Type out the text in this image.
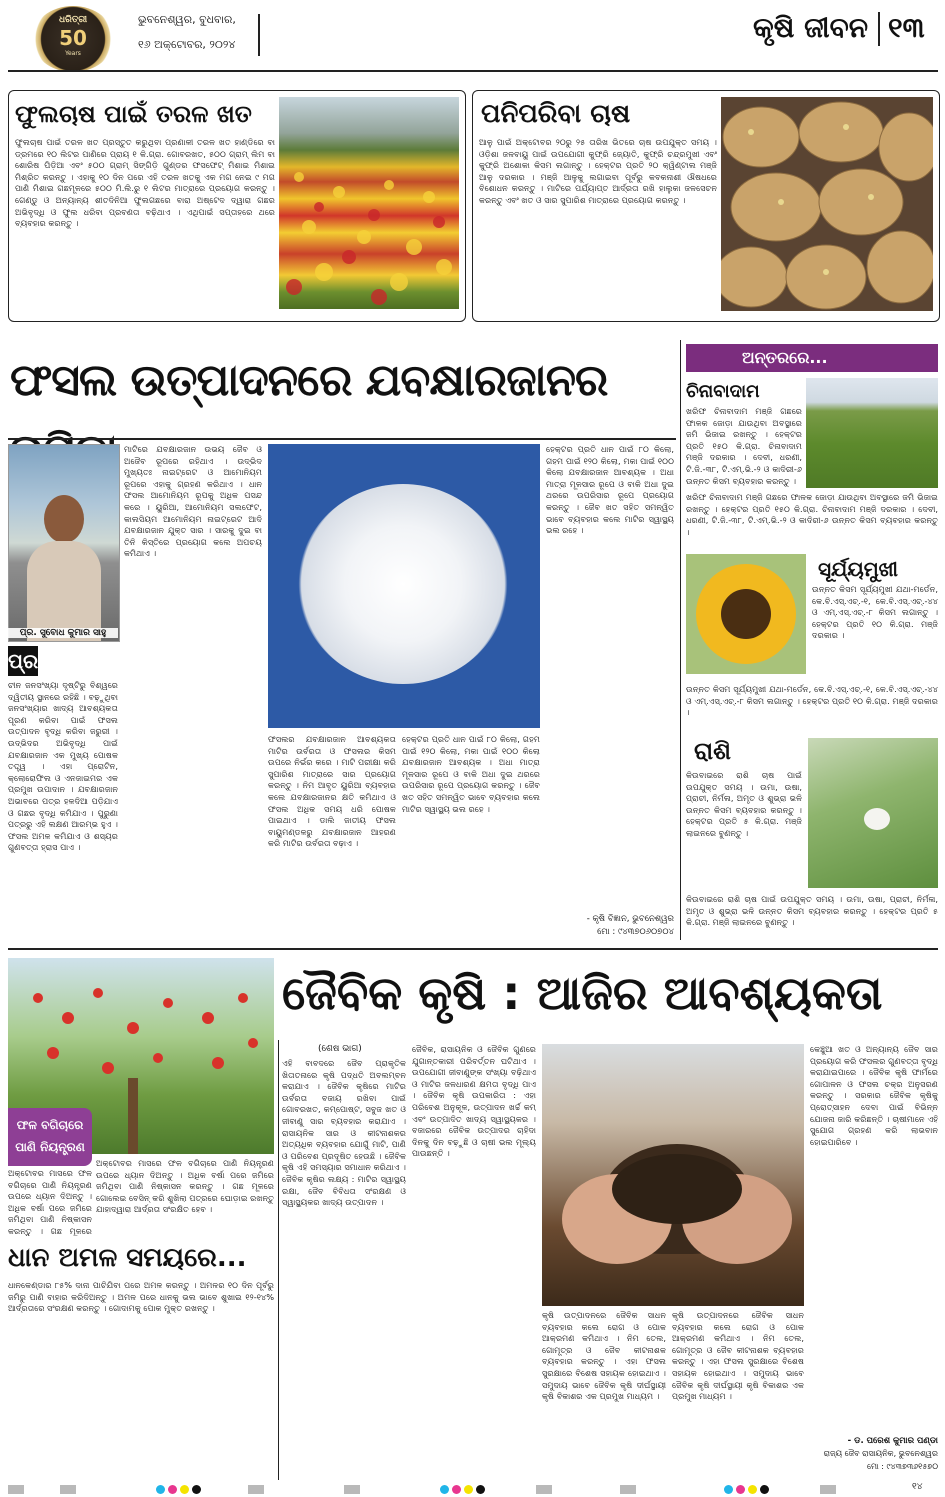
ଧରିତ୍ରୀ
50
Years
ଭୁବନେଶ୍ୱର, ବୁଧବାର,
୧୬ ଅକ୍ଟୋବର, ୨୦୨୪
କୃଷି ଜୀବନ ୧୩
ଫୁଲଚାଷ ପାଇଁ ତରଳ ଖତ
ଫୁଲଚାଷ ପାଇଁ ତରଳ ଖତ ପ୍ରସ୍ତୁତ କରୁଥିବା ପ୍ରଣାଳୀ ତରଳ ଖତ ହାଣ୍ଡିରେ ବା ଡ୍ରମରେ ୧୦ ଲିଟର ପାଣିରେ ପ୍ରାୟ ୧ କି.ଗ୍ରା. ଗୋବରଖତ, ୫୦୦ ଗ୍ରାମ୍ ଲିମ ବା ଶୋରିଷ ପିଡ଼ିଆ ଏବଂ ୫୦୦ ଗ୍ରାମ୍ ସିଙ୍ଗିଡ଼ି ଗୁଣ୍ଡର ଫସଫେଟ୍ ମିଶାଇ ମିଶାଇ ମିଶ୍ରିତ କରନ୍ତୁ । ଏହାକୁ ୧୦ ଦିନ ପରେ ଏହି ତରଳ ଖତକୁ ଏକ ମଗ ନେଇ ୯ ମଗ ପାଣି ମିଶାଇ ଗଛମୂଳରେ ୫୦୦ ମି.ଲି.ରୁ ୧ ଲିଟର ମାତ୍ରାରେ ପ୍ରୟୋଗ କରନ୍ତୁ । ଗେଣ୍ଡୁ ଓ ଅନ୍ୟାନ୍ୟ ଶୀତଦିନିଆ ଫୁଲଗଛରେ ବାରା ଅଷ୍ଟେଦ ଦ୍ୱାରା ଗଛର ଅଭିବୃଦ୍ଧି ଓ ଫୁଲ ଧରିବା ପ୍ରବଣତା ବଢ଼ିଥାଏ । ଏଥିପାଇଁ ସପ୍ତାହରେ ଥରେ ବ୍ୟବହାର କରନ୍ତୁ ।
ପନିପରିବା ଚାଷ
ଆଳୁ ପାଇଁ ଅକ୍ଟୋବର ୨୦ରୁ ୨୫ ତାରିଖ ଭିତରେ ଚାଷ ଉପଯୁକ୍ତ ସମୟ । ଓଡ଼ିଶା ଜଳବାୟୁ ପାଇଁ ଉପଯୋଗୀ କୁଫ୍ରି ଜ୍ୟୋତି, କୁଫ୍ରି ଚନ୍ଦ୍ରମୁଖୀ ଏବଂ କୁଫ୍ରି ଅଶୋକା କିସମ ଲଗାନ୍ତୁ । ହେକ୍ଟର ପ୍ରତି ୨୦ କ୍ୱିଣ୍ଟାଲ ମଞ୍ଜି ଆଳୁ ଦରକାର । ମଞ୍ଜି ଆଳୁକୁ ଲଗାଇବା ପୂର୍ବରୁ କବକନାଶୀ ଔଷଧରେ ବିଶୋଧନ କରନ୍ତୁ । ମାଟିରେ ପର୍ଯ୍ୟାପ୍ତ ଆର୍ଦ୍ରତା ରଖି ହାଲୁକା ଜଳସେଚନ କରନ୍ତୁ ଏବଂ ଖତ ଓ ସାର ସୁପାରିଶ ମାତ୍ରାରେ ପ୍ରୟୋଗ କରନ୍ତୁ ।
ଫସଲ ଉତ୍ପାଦନରେ ଯବକ୍ଷାରଜାନର
ପ୍ର. ସୁବୋଧ କୁମାର ସାହୁ
ପ୍ର
ଚୀନ ଜନସଂଖ୍ୟା ଦୃଷ୍ଟିରୁ ବିଶ୍ୱରେ ଦ୍ୱିତୀୟ ସ୍ଥାନରେ ରହିଛି । ବଢ଼ୁଥିବା ଜନସଂଖ୍ୟାର ଖାଦ୍ୟ ଆବଶ୍ୟକତା ପୂରଣ କରିବା ପାଇଁ ଫସଲ ଉତ୍ପାଦନ ବୃଦ୍ଧି କରିବା ଜରୁରୀ । ଉଦ୍ଭିଦର ଅଭିବୃଦ୍ଧି ପାଇଁ ଯବକ୍ଷାରଜାନ ଏକ ମୁଖ୍ୟ ପୋଷକ ତତ୍ତ୍ୱ । ଏହା ପ୍ରୋଟିନ, କ୍ଲୋରୋଫିଲ ଓ ଏନଜାଇମର ଏକ ପ୍ରମୁଖ ଉପାଦାନ । ଯବକ୍ଷାରଜାନ ଅଭାବରେ ପତ୍ର ହଳଦିଆ ପଡ଼ିଯାଏ ଓ ଗଛର ବୃଦ୍ଧି କମିଯାଏ । ପୁରୁଣା ପତ୍ରରୁ ଏହି ଲକ୍ଷଣ ଆରମ୍ଭ ହୁଏ । ଫସଲ ଅମଳ କମିଯାଏ ଓ ଶସ୍ୟର ଗୁଣବତ୍ତା ହ୍ରାସ ପାଏ ।
ମାଟିରେ ଯବକ୍ଷାରଜାନ ଉଭୟ ଜୈବ ଓ ଅଜୈବ ରୂପରେ ରହିଥାଏ । ଉଦ୍ଭିଦ ମୁଖ୍ୟତଃ ନାଇଟ୍ରେଟ ଓ ଆମୋନିୟମ ରୂପରେ ଏହାକୁ ଗ୍ରହଣ କରିଥାଏ । ଧାନ ଫସଲ ଆମୋନିୟମ ରୂପକୁ ଅଧିକ ପସନ୍ଦ କରେ । ୟୁରିଆ, ଆମୋନିୟମ ସଲଫେଟ, କାଲସିୟମ ଆମୋନିୟମ ନାଇଟ୍ରେଟ ଆଦି ଯବକ୍ଷାରଜାନ ଯୁକ୍ତ ସାର । ସାରକୁ ଦୁଇ ବା ତିନି କିସ୍ତିରେ ପ୍ରୟୋଗ କଲେ ଅପଚୟ କମିଥାଏ ।
ଫସଲର ଯବକ୍ଷାରଜାନ ଆବଶ୍ୟକତା ମାଟିର ଉର୍ବରତା ଓ ଫସଲର କିସମ ଉପରେ ନିର୍ଭର କରେ । ମାଟି ପରୀକ୍ଷା କରି ସୁପାରିଶ ମାତ୍ରାରେ ସାର ପ୍ରୟୋଗ କରନ୍ତୁ । ନିମ ଆବୃତ ୟୁରିଆ ବ୍ୟବହାର କଲେ ଯବକ୍ଷାରଜାନର କ୍ଷତି କମିଥାଏ ଓ ଫସଲ ଅଧିକ ସମୟ ଧରି ପୋଷକ ପାଇଥାଏ । ଡାଲି ଜାତୀୟ ଫସଲ ବାୟୁମଣ୍ଡଳରୁ ଯବକ୍ଷାରଜାନ ଆହରଣ କରି ମାଟିର ଉର୍ବରତା ବଢ଼ାଏ ।
ହେକ୍ଟର ପ୍ରତି ଧାନ ପାଇଁ ୮୦ କିଲୋ, ଗହମ ପାଇଁ ୧୨୦ କିଲୋ, ମକା ପାଇଁ ୧୦୦ କିଲୋ ଯବକ୍ଷାରଜାନ ଆବଶ୍ୟକ । ଅଧା ମାତ୍ରା ମୂଳସାର ରୂପେ ଓ ବାକି ଅଧା ଦୁଇ ଥରରେ ଉପରିସାର ରୂପେ ପ୍ରୟୋଗ କରନ୍ତୁ । ଜୈବ ଖତ ସହିତ ସମନ୍ୱିତ ଭାବେ ବ୍ୟବହାର କଲେ ମାଟିର ସ୍ୱାସ୍ଥ୍ୟ ଭଲ ରହେ ।
ହେକ୍ଟର ପ୍ରତି ଧାନ ପାଇଁ ୮୦ କିଲୋ, ଗହମ ପାଇଁ ୧୨୦ କିଲୋ, ମକା ପାଇଁ ୧୦୦ କିଲୋ ଯବକ୍ଷାରଜାନ ଆବଶ୍ୟକ । ଅଧା ମାତ୍ରା ମୂଳସାର ରୂପେ ଓ ବାକି ଅଧା ଦୁଇ ଥରରେ ଉପରିସାର ରୂପେ ପ୍ରୟୋଗ କରନ୍ତୁ । ଜୈବ ଖତ ସହିତ ସମନ୍ୱିତ ଭାବେ ବ୍ୟବହାର କଲେ ମାଟିର ସ୍ୱାସ୍ଥ୍ୟ ଭଲ ରହେ ।
- କୃଷି ବିଜ୍ଞାନ, ଭୁବନେଶ୍ୱର
ମୋ : ୯୪୩୭୦୬୦୭୦୪
ଅନ୍ତରରେ...
ଚିନାବାଦାମ
ଖରିଫ ଚିନାବାଦାମ ମଞ୍ଜି ଗଛରେ ଫାଳକ ଜୋଡ଼ା ଯାଉଥିବା ଅବସ୍ଥାରେ ଜମି ଭିଜାଇ ରଖନ୍ତୁ । ହେକ୍ଟର ପ୍ରତି ୧୫୦ କି.ଗ୍ରା. ଚିନାବାଦାମ ମଞ୍ଜି ଦରକାର । ଦେବୀ, ଧରଣୀ, ଟି.ଜି.-୩୮, ଟି.ଏମ୍.ଭି.-୨ ଓ କାଦିରୀ-୬ ଉନ୍ନତ କିସମ ବ୍ୟବହାର କରନ୍ତୁ ।
ଖରିଫ ଚିନାବାଦାମ ମଞ୍ଜି ଗଛରେ ଫାଳକ ଜୋଡ଼ା ଯାଉଥିବା ଅବସ୍ଥାରେ ଜମି ଭିଜାଇ ରଖନ୍ତୁ । ହେକ୍ଟର ପ୍ରତି ୧୫୦ କି.ଗ୍ରା. ଚିନାବାଦାମ ମଞ୍ଜି ଦରକାର । ଦେବୀ, ଧରଣୀ, ଟି.ଜି.-୩୮, ଟି.ଏମ୍.ଭି.-୨ ଓ କାଦିରୀ-୬ ଉନ୍ନତ କିସମ ବ୍ୟବହାର କରନ୍ତୁ ।
ସୂର୍ଯ୍ୟମୁଖୀ
ଉନ୍ନତ କିସମ ସୂର୍ଯ୍ୟମୁଖୀ ଯଥା-ମର୍ଡେନ, କେ.ବି.ଏସ୍.ଏଚ୍.-୧, କେ.ବି.ଏସ୍.ଏଚ୍.-୪୪ ଓ ଏମ୍.ଏସ୍.ଏଚ୍.-୮ କିସମ ଲଗାନ୍ତୁ । ହେକ୍ଟର ପ୍ରତି ୧୦ କି.ଗ୍ରା. ମଞ୍ଜି ଦରକାର ।
ଉନ୍ନତ କିସମ ସୂର୍ଯ୍ୟମୁଖୀ ଯଥା-ମର୍ଡେନ, କେ.ବି.ଏସ୍.ଏଚ୍.-୧, କେ.ବି.ଏସ୍.ଏଚ୍.-୪୪ ଓ ଏମ୍.ଏସ୍.ଏଚ୍.-୮ କିସମ ଲଗାନ୍ତୁ । ହେକ୍ଟର ପ୍ରତି ୧୦ କି.ଗ୍ରା. ମଞ୍ଜି ଦରକାର ।
ରାଶି
କିଉବାଇରେ ରାଶି ଚାଷ ପାଇଁ ଉପଯୁକ୍ତ ସମୟ । ଉମା, ଉଷା, ପ୍ରାଚୀ, ନିର୍ମଳା, ଅମୃତ ଓ ଶୁଭ୍ରା ଭଳି ଉନ୍ନତ କିସମ ବ୍ୟବହାର କରନ୍ତୁ । ହେକ୍ଟର ପ୍ରତି ୫ କି.ଗ୍ରା. ମଞ୍ଜି ଲାଇନରେ ବୁଣନ୍ତୁ ।
କିଉବାଇରେ ରାଶି ଚାଷ ପାଇଁ ଉପଯୁକ୍ତ ସମୟ । ଉମା, ଉଷା, ପ୍ରାଚୀ, ନିର୍ମଳା, ଅମୃତ ଓ ଶୁଭ୍ରା ଭଳି ଉନ୍ନତ କିସମ ବ୍ୟବହାର କରନ୍ତୁ । ହେକ୍ଟର ପ୍ରତି ୫ କି.ଗ୍ରା. ମଞ୍ଜି ଲାଇନରେ ବୁଣନ୍ତୁ ।
ଜୈବିକ କୃଷି : ଆଜିର ଆବଶ୍ୟକତା
ଫଳ ବଗିଚାରେ ପାଣି ନିୟନ୍ତ୍ରଣ
ଅକ୍ଟୋବର ମାସରେ ଫଳ ବଗିଚାରେ ପାଣି ନିୟନ୍ତ୍ରଣ ଉପରେ ଧ୍ୟାନ ଦିଅନ୍ତୁ । ଅଧିକ ବର୍ଷା ପରେ ଜମିରେ ଜମିଥିବା ପାଣି ନିଷ୍କାସନ କରନ୍ତୁ । ଗଛ ମୂଳରେ ଗୋଲେଇ ବେସିନ୍ କରି ଶୁଖିଲା ପତ୍ରରେ ଘୋଡ଼ାଇ ରଖନ୍ତୁ ଯାହାଦ୍ୱାରା ଆର୍ଦ୍ରତା ସଂରକ୍ଷିତ ହେବ ।
ଅକ୍ଟୋବର ମାସରେ ଫଳ ବଗିଚାରେ ପାଣି ନିୟନ୍ତ୍ରଣ ଉପରେ ଧ୍ୟାନ ଦିଅନ୍ତୁ । ଅଧିକ ବର୍ଷା ପରେ ଜମିରେ ଜମିଥିବା ପାଣି ନିଷ୍କାସନ କରନ୍ତୁ । ଗଛ ମୂଳରେ
ଧାନ ଅମଳ ସମୟରେ...
ଧାନକେଣ୍ଡାର ୮୫% ଦାନା ପାଚିଯିବା ପରେ ଅମଳ କରନ୍ତୁ । ଅମଳର ୧୦ ଦିନ ପୂର୍ବରୁ ଜମିରୁ ପାଣି ବାହାର କରିଦିଅନ୍ତୁ । ଅମଳ ପରେ ଧାନକୁ ଭଲ ଭାବେ ଶୁଖାଇ ୧୨-୧୪% ଆର୍ଦ୍ରତାରେ ସଂରକ୍ଷଣ କରନ୍ତୁ । ଗୋଦାମକୁ ପୋକ ମୁକ୍ତ ରଖନ୍ତୁ ।
(ଶେଷ ଭାଗ)
ଏହି ବାବଦରେ ଜୈବ ପ୍ରାକୃତିକ ଖିତାତନାରେ କୃଷି ପଦ୍ଧତି ଅବଲମ୍ବନ କରାଯାଏ । ଜୈବିକ କୃଷିରେ ମାଟିର ଉର୍ବରତା ବଜାୟ ରଖିବା ପାଇଁ ଗୋବରଖତ, କମ୍ପୋଷ୍ଟ, ସବୁଜ ଖତ ଓ ଜୀବାଣୁ ସାର ବ୍ୟବହାର କରାଯାଏ । ରାସାୟନିକ ସାର ଓ କୀଟନାଶକର ଅତ୍ୟଧିକ ବ୍ୟବହାର ଯୋଗୁଁ ମାଟି, ପାଣି ଓ ପରିବେଶ ପ୍ରଦୂଷିତ ହେଉଛି । ଜୈବିକ କୃଷି ଏହି ସମସ୍ୟାର ସମାଧାନ କରିଥାଏ । ଜୈବିକ କୃଷିର ଲକ୍ଷ୍ୟ : ମାଟିର ସ୍ୱାସ୍ଥ୍ୟ ରକ୍ଷା, ଜୈବ ବିବିଧତା ସଂରକ୍ଷଣ ଓ ସ୍ୱାସ୍ଥ୍ୟକର ଖାଦ୍ୟ ଉତ୍ପାଦନ ।
ଜୈବିକ, ରାସାୟନିକ ଓ ଜୈବିକ ଗୁଣରେ ଯୁଗାନ୍ତକାରୀ ପରିବର୍ତ୍ତନ ଘଟିଥାଏ । ଉପଯୋଗୀ ଜୀବାଣୁଙ୍କ ସଂଖ୍ୟା ବଢ଼ିଥାଏ ଓ ମାଟିର ଜଳଧାରଣ କ୍ଷମତା ବୃଦ୍ଧି ପାଏ । ଜୈବିକ କୃଷି ଉପକାରିତା : ଏହା ପରିବେଶ ଅନୁକୂଳ, ଉତ୍ପାଦନ ଖର୍ଚ୍ଚ କମ୍ ଏବଂ ଉତ୍ପାଦିତ ଖାଦ୍ୟ ସ୍ୱାସ୍ଥ୍ୟକର । ବଜାରରେ ଜୈବିକ ଉତ୍ପାଦର ଚାହିଦା ଦିନକୁ ଦିନ ବଢ଼ୁଛି ଓ ଚାଷୀ ଭଲ ମୂଲ୍ୟ ପାଉଛନ୍ତି ।
କୃଷି ଉତ୍ପାଦନରେ ଜୈବିକ ସାଧନ ବ୍ୟବହାର କଲେ ରୋଗ ଓ ପୋକ ଆକ୍ରମଣ କମିଥାଏ । ନିମ ତେଲ, ଗୋମୂତ୍ର ଓ ଜୈବ କୀଟନାଶକ ବ୍ୟବହାର କରନ୍ତୁ । ଏହା ଫସଲ ସୁରକ୍ଷାରେ ବିଶେଷ ସହାୟକ ହୋଇଥାଏ । ସମୁଦାୟ ଭାବେ ଜୈବିକ କୃଷି ଦୀର୍ଘସ୍ଥାୟୀ କୃଷି ବିକାଶର ଏକ ପ୍ରମୁଖ ମାଧ୍ୟମ ।
କୃଷି ଉତ୍ପାଦନରେ ଜୈବିକ ସାଧନ ବ୍ୟବହାର କଲେ ରୋଗ ଓ ପୋକ ଆକ୍ରମଣ କମିଥାଏ । ନିମ ତେଲ, ଗୋମୂତ୍ର ଓ ଜୈବ କୀଟନାଶକ ବ୍ୟବହାର କରନ୍ତୁ । ଏହା ଫସଲ ସୁରକ୍ଷାରେ ବିଶେଷ ସହାୟକ ହୋଇଥାଏ । ସମୁଦାୟ ଭାବେ ଜୈବିକ କୃଷି ଦୀର୍ଘସ୍ଥାୟୀ କୃଷି ବିକାଶର ଏକ ପ୍ରମୁଖ ମାଧ୍ୟମ ।
କେଞ୍ଚୁଆ ଖତ ଓ ଅନ୍ୟାନ୍ୟ ଜୈବ ସାର ପ୍ରୟୋଗ କରି ଫସଲର ଗୁଣବତ୍ତା ବୃଦ୍ଧି କରାଯାଇପାରେ । ଜୈବିକ କୃଷି ଫାର୍ମରେ ଗୋପାଳନ ଓ ଫସଲ ଚକ୍ର ଅନୁସରଣ କରନ୍ତୁ । ସରକାର ଜୈବିକ କୃଷିକୁ ପ୍ରୋତ୍ସାହନ ଦେବା ପାଇଁ ବିଭିନ୍ନ ଯୋଜନା ଜାରି କରିଛନ୍ତି । ଚାଷୀମାନେ ଏହି ସୁଯୋଗ ଗ୍ରହଣ କରି ଲାଭବାନ ହୋଇପାରିବେ ।
- ଡ. ପରେଶ କୁମାର ପଣ୍ଡା
ରାଜ୍ୟ ଜୈବ ରାସାୟନିକ, ଭୁବନେଶ୍ୱର
ମୋ : ୯୪୩୭୩୬୧୫୭୦
୧୪
